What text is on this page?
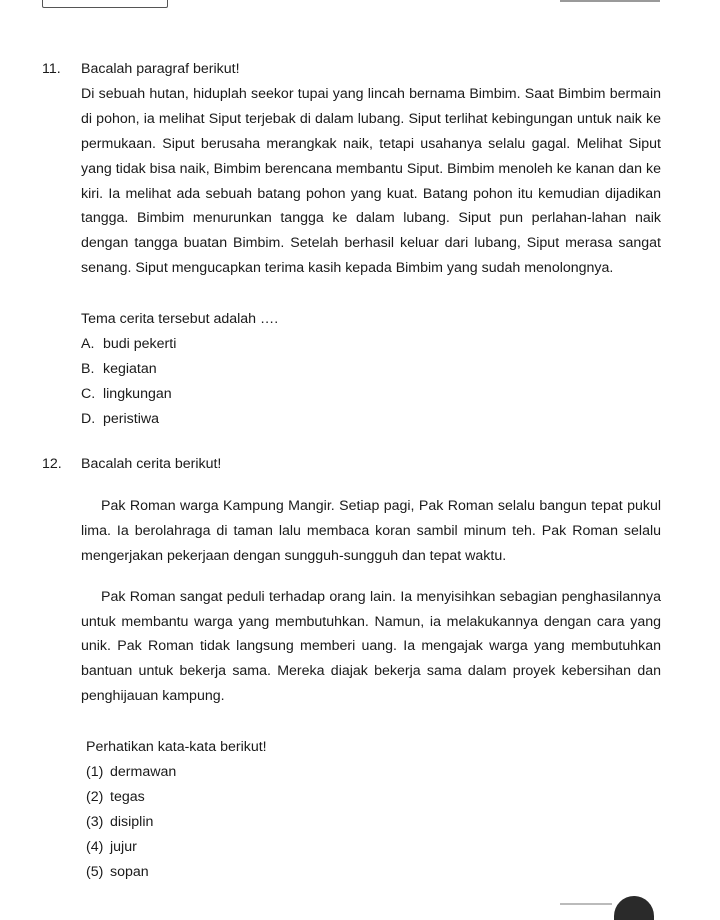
11. Bacalah paragraf berikut!

Di sebuah hutan, hiduplah seekor tupai yang lincah bernama Bimbim. Saat Bimbim bermain di pohon, ia melihat Siput terjebak di dalam lubang. Siput terlihat kebingungan untuk naik ke permukaan. Siput berusaha merangkak naik, tetapi usahanya selalu gagal. Melihat Siput yang tidak bisa naik, Bimbim berencana membantu Siput. Bimbim menoleh ke kanan dan ke kiri. Ia melihat ada sebuah batang pohon yang kuat. Batang pohon itu kemudian dijadikan tangga. Bimbim menurunkan tangga ke dalam lubang. Siput pun perlahan-lahan naik dengan tangga buatan Bimbim. Setelah berhasil keluar dari lubang, Siput merasa sangat senang. Siput mengucapkan terima kasih kepada Bimbim yang sudah menolongnya.

Tema cerita tersebut adalah ….
A. budi pekerti
B. kegiatan
C. lingkungan
D. peristiwa
12. Bacalah cerita berikut!

Pak Roman warga Kampung Mangir. Setiap pagi, Pak Roman selalu bangun tepat pukul lima. Ia berolahraga di taman lalu membaca koran sambil minum teh. Pak Roman selalu mengerjakan pekerjaan dengan sungguh-sungguh dan tepat waktu.

Pak Roman sangat peduli terhadap orang lain. Ia menyisihkan sebagian penghasilannya untuk membantu warga yang membutuhkan. Namun, ia melakukannya dengan cara yang unik. Pak Roman tidak langsung memberi uang. Ia mengajak warga yang membutuhkan bantuan untuk bekerja sama. Mereka diajak bekerja sama dalam proyek kebersihan dan penghijauan kampung.

Perhatikan kata-kata berikut!
(1) dermawan
(2) tegas
(3) disiplin
(4) jujur
(5) sopan
